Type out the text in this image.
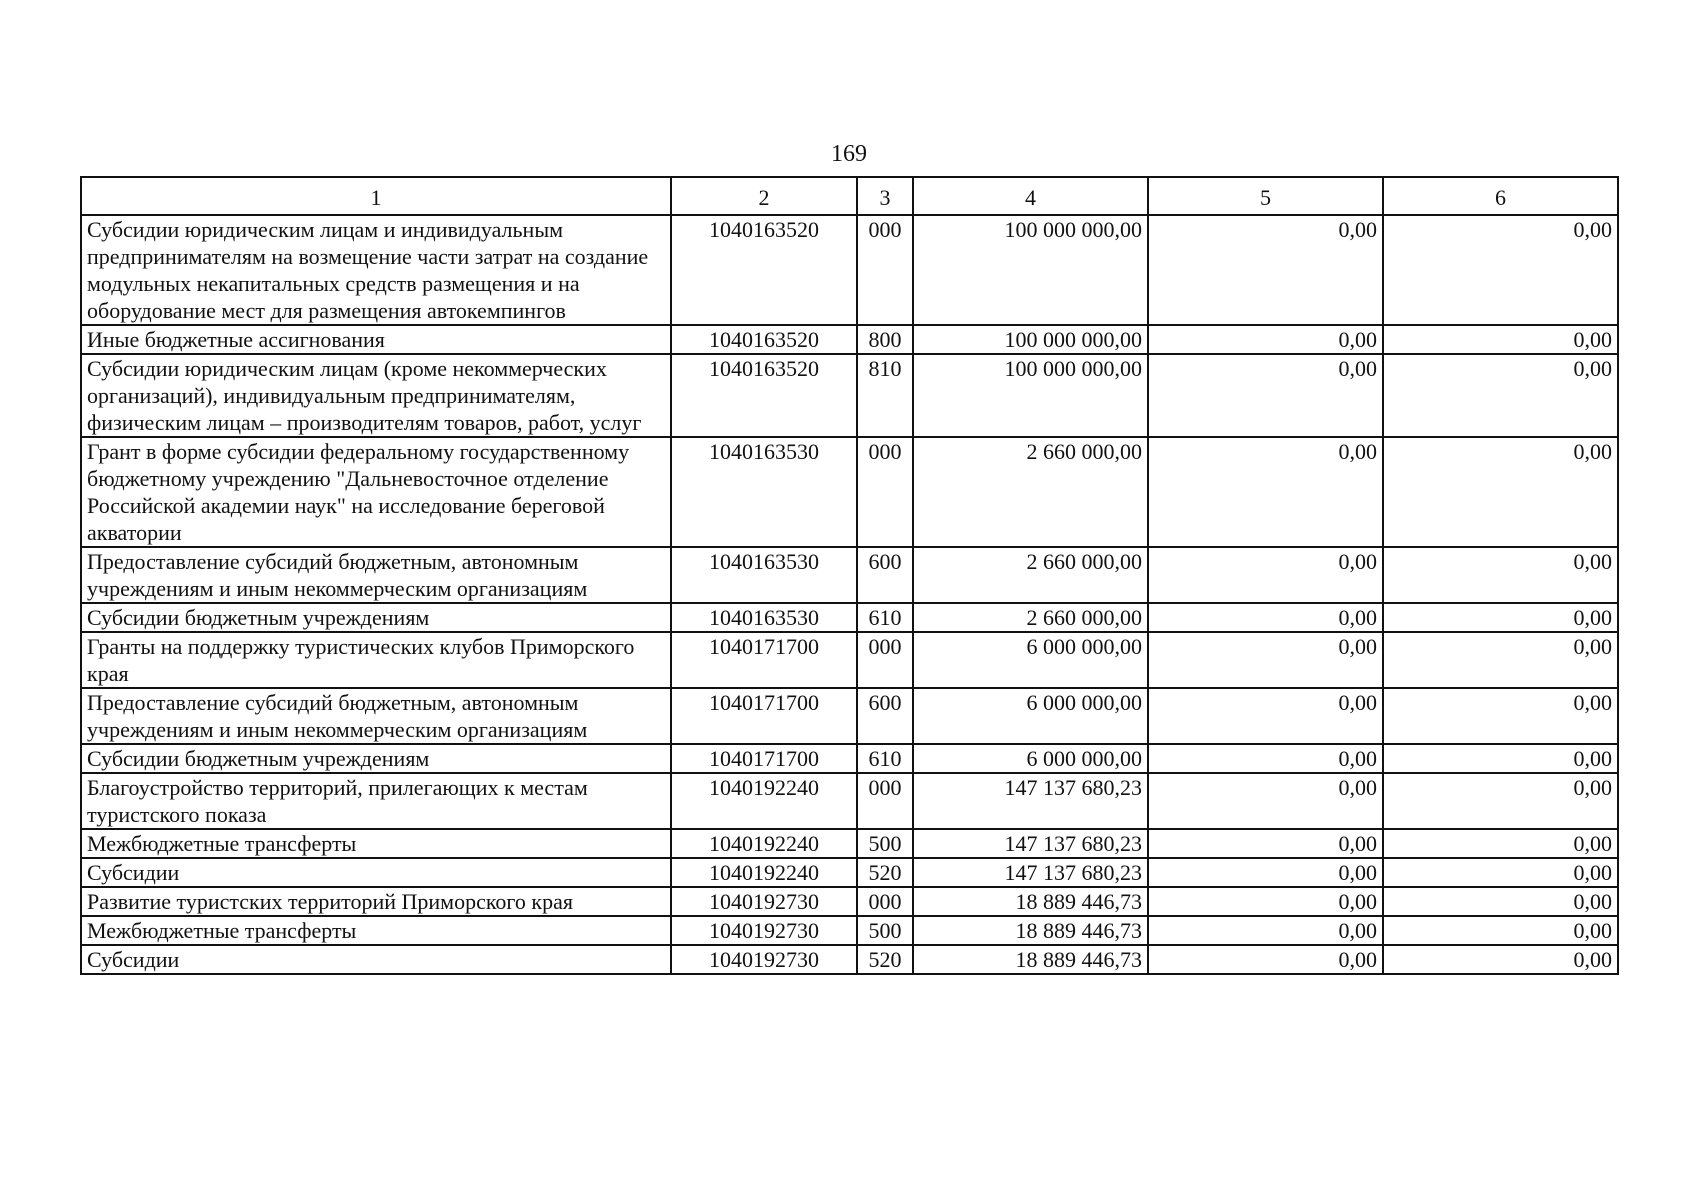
169
1	2	3	4	5	6
Субсидии юридическим лицам и индивидуальным предпринимателям на возмещение части затрат на создание модульных некапитальных средств размещения и на оборудование мест для размещения автокемпингов	1040163520	000	100 000 000,00	0,00	0,00
Иные бюджетные ассигнования	1040163520	800	100 000 000,00	0,00	0,00
Субсидии юридическим лицам (кроме некоммерческих организаций), индивидуальным предпринимателям, физическим лицам – производителям товаров, работ, услуг	1040163520	810	100 000 000,00	0,00	0,00
Грант в форме субсидии федеральному государственному бюджетному учреждению "Дальневосточное отделение Российской академии наук" на исследование береговой акватории	1040163530	000	2 660 000,00	0,00	0,00
Предоставление субсидий бюджетным, автономным учреждениям и иным некоммерческим организациям	1040163530	600	2 660 000,00	0,00	0,00
Субсидии бюджетным учреждениям	1040163530	610	2 660 000,00	0,00	0,00
Гранты на поддержку туристических клубов Приморского края	1040171700	000	6 000 000,00	0,00	0,00
Предоставление субсидий бюджетным, автономным учреждениям и иным некоммерческим организациям	1040171700	600	6 000 000,00	0,00	0,00
Субсидии бюджетным учреждениям	1040171700	610	6 000 000,00	0,00	0,00
Благоустройство территорий, прилегающих к местам туристского показа	1040192240	000	147 137 680,23	0,00	0,00
Межбюджетные трансферты	1040192240	500	147 137 680,23	0,00	0,00
Субсидии	1040192240	520	147 137 680,23	0,00	0,00
Развитие туристских территорий Приморского края	1040192730	000	18 889 446,73	0,00	0,00
Межбюджетные трансферты	1040192730	500	18 889 446,73	0,00	0,00
Субсидии	1040192730	520	18 889 446,73	0,00	0,00
